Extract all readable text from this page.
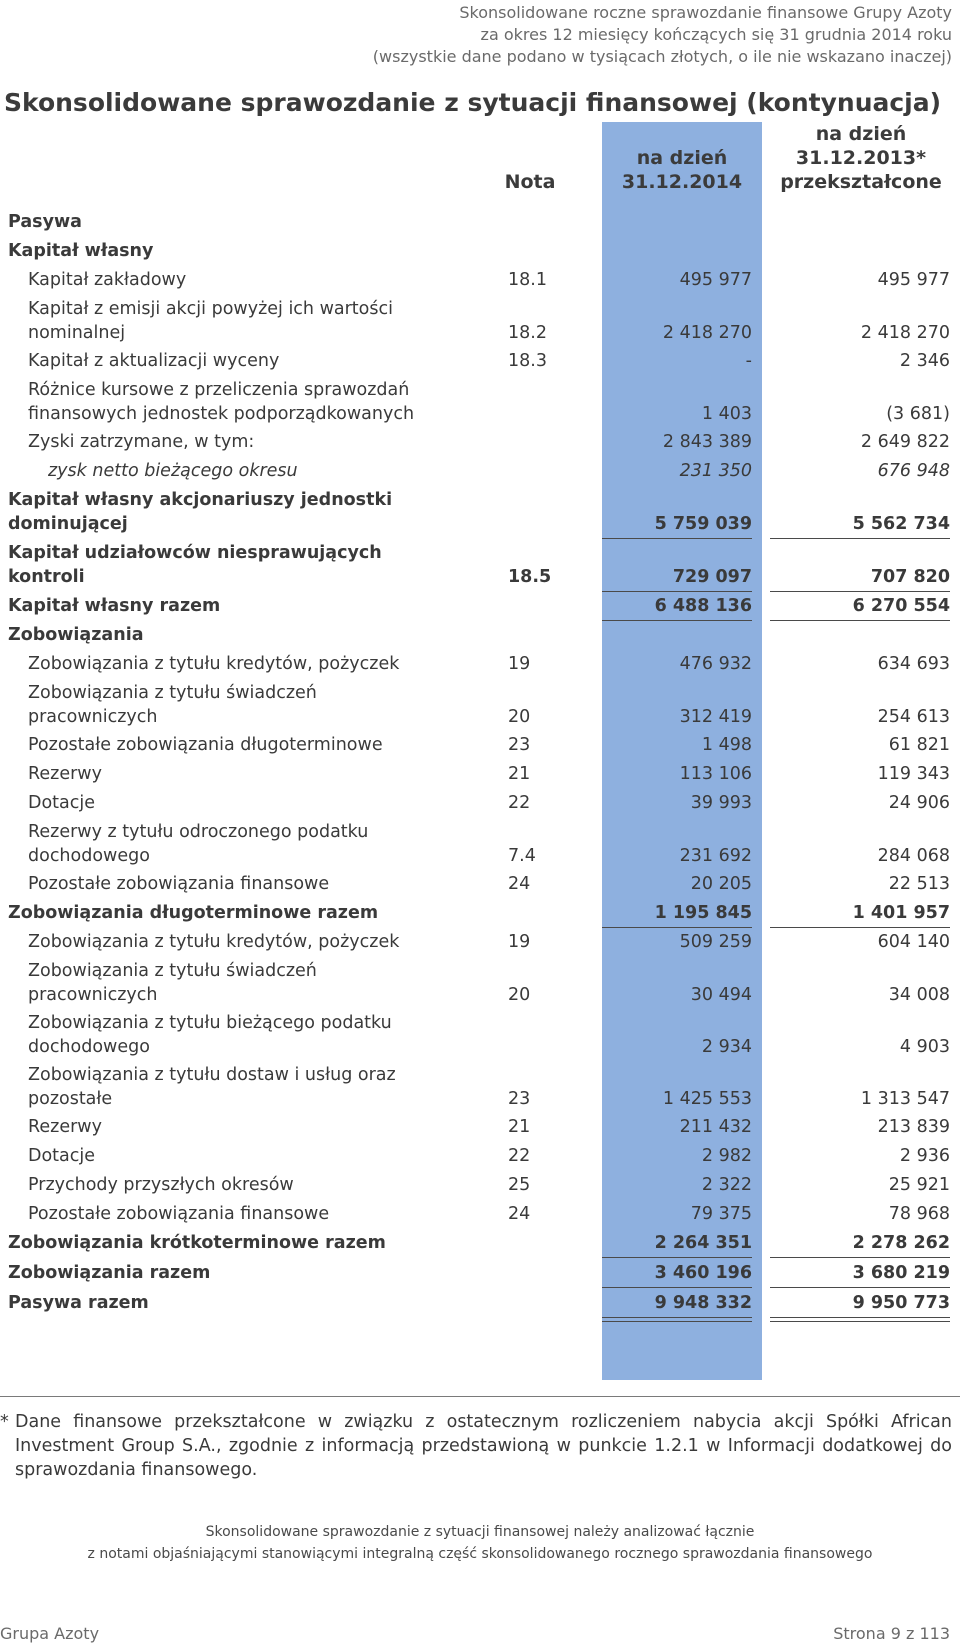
Skonsolidowane roczne sprawozdanie finansowe Grupy Azoty
za okres 12 miesięcy kończących się 31 grudnia 2014 roku
(wszystkie dane podano w tysiącach złotych, o ile nie wskazano inaczej)
Skonsolidowane sprawozdanie z sytuacji finansowej (kontynuacja)
Nota
na dzień
31.12.2014
na dzień
31.12.2013*
przekształcone
Pasywa
Kapitał własny
Kapitał zakładowy	18.1	495 977	495 977
Kapitał z emisji akcji powyżej ich wartości
nominalnej	18.2	2 418 270	2 418 270
Kapitał z aktualizacji wyceny	18.3	-	2 346
Różnice kursowe z przeliczenia sprawozdań
finansowych jednostek podporządkowanych	1 403	(3 681)
Zyski zatrzymane, w tym:	2 843 389	2 649 822
zysk netto bieżącego okresu	231 350	676 948
Kapitał własny akcjonariuszy jednostki
dominującej	5 759 039	5 562 734
Kapitał udziałowców niesprawujących
kontroli	18.5	729 097	707 820
Kapitał własny razem	6 488 136	6 270 554
Zobowiązania
Zobowiązania z tytułu kredytów, pożyczek	19	476 932	634 693
Zobowiązania z tytułu świadczeń
pracowniczych	20	312 419	254 613
Pozostałe zobowiązania długoterminowe	23	1 498	61 821
Rezerwy	21	113 106	119 343
Dotacje	22	39 993	24 906
Rezerwy z tytułu odroczonego podatku
dochodowego	7.4	231 692	284 068
Pozostałe zobowiązania finansowe	24	20 205	22 513
Zobowiązania długoterminowe razem	1 195 845	1 401 957
Zobowiązania z tytułu kredytów, pożyczek	19	509 259	604 140
Zobowiązania z tytułu świadczeń
pracowniczych	20	30 494	34 008
Zobowiązania z tytułu bieżącego podatku
dochodowego	2 934	4 903
Zobowiązania z tytułu dostaw i usług oraz
pozostałe	23	1 425 553	1 313 547
Rezerwy	21	211 432	213 839
Dotacje	22	2 982	2 936
Przychody przyszłych okresów	25	2 322	25 921
Pozostałe zobowiązania finansowe	24	79 375	78 968
Zobowiązania krótkoterminowe razem	2 264 351	2 278 262
Zobowiązania razem	3 460 196	3 680 219
Pasywa razem	9 948 332	9 950 773
* Dane finansowe przekształcone w związku z ostatecznym rozliczeniem nabycia akcji Spółki African Investment Group S.A., zgodnie z informacją przedstawioną w punkcie 1.2.1 w Informacji dodatkowej do sprawozdania finansowego.
Skonsolidowane sprawozdanie z sytuacji finansowej należy analizować łącznie
z notami objaśniającymi stanowiącymi integralną część skonsolidowanego rocznego sprawozdania finansowego
Grupa Azoty	Strona 9 z 113
